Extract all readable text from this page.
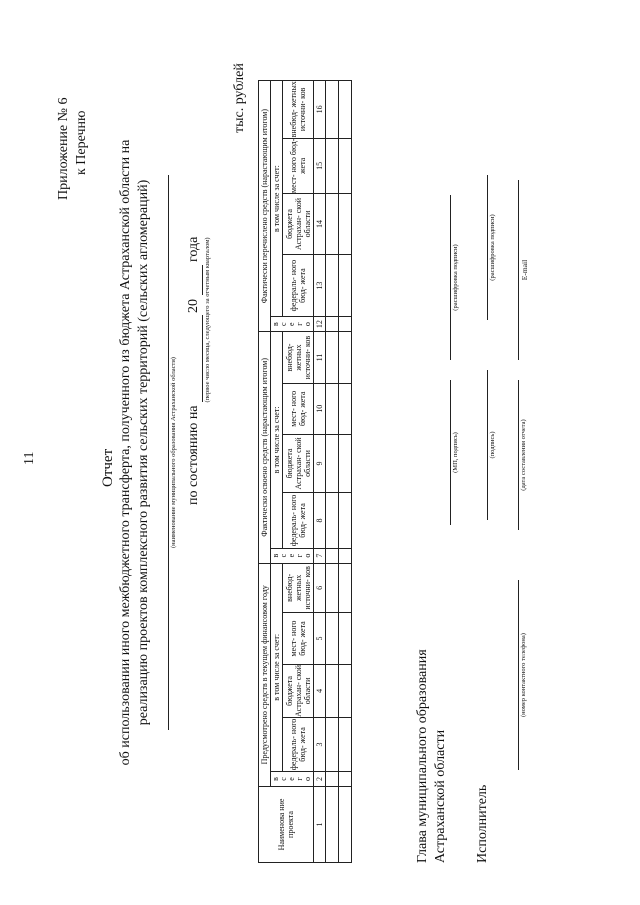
11
Приложение № 6 к Перечню
Отчет об использовании иного межбюджетного трансферта, полученного из бюджета Астраханской области на реализацию проектов комплексного развития сельских территорий (сельских агломераций)	(наименование муниципального образования Астраханской области) по состоянию на
20
года (первое число месяца, следующего за отчетным кварталом)
тыс. рублей
Наименова ние проекта	Предусмотрено средств в текущем финансовом году					Фактически освоено средств (нарастающим итогом)					Фактически перечислено средств (нарастающим итогом)				

	в с е г о	в том числе за счет:				в с е г о	в том числе за счет:				в с е г о	в том числе за счет:			
		федераль- ного бюд- жета	бюджета Астрахан- ской области	мест- ного бюд- жета	внебюд- жетных источни- ков		федераль- ного бюд- жета	бюджета Астрахан- ской области	мест- ного бюд- жета	внебюд- жетных источни- ков		федераль- ного бюд- жета	бюджета Астрахан- ской области	мест- ного бюд- жета	внебюд- жетных источни- ков
1	2	3	4	5	6	7	8	9	10	11	12	13	14	15	16

Глава муниципального образования Астраханской области
(МП, подпись)
(расшифровка подписи)
Исполнитель
(подпись)
(расшифровка подписи)
(номер контактного телефона)
(дата составления отчета)
E-mail
